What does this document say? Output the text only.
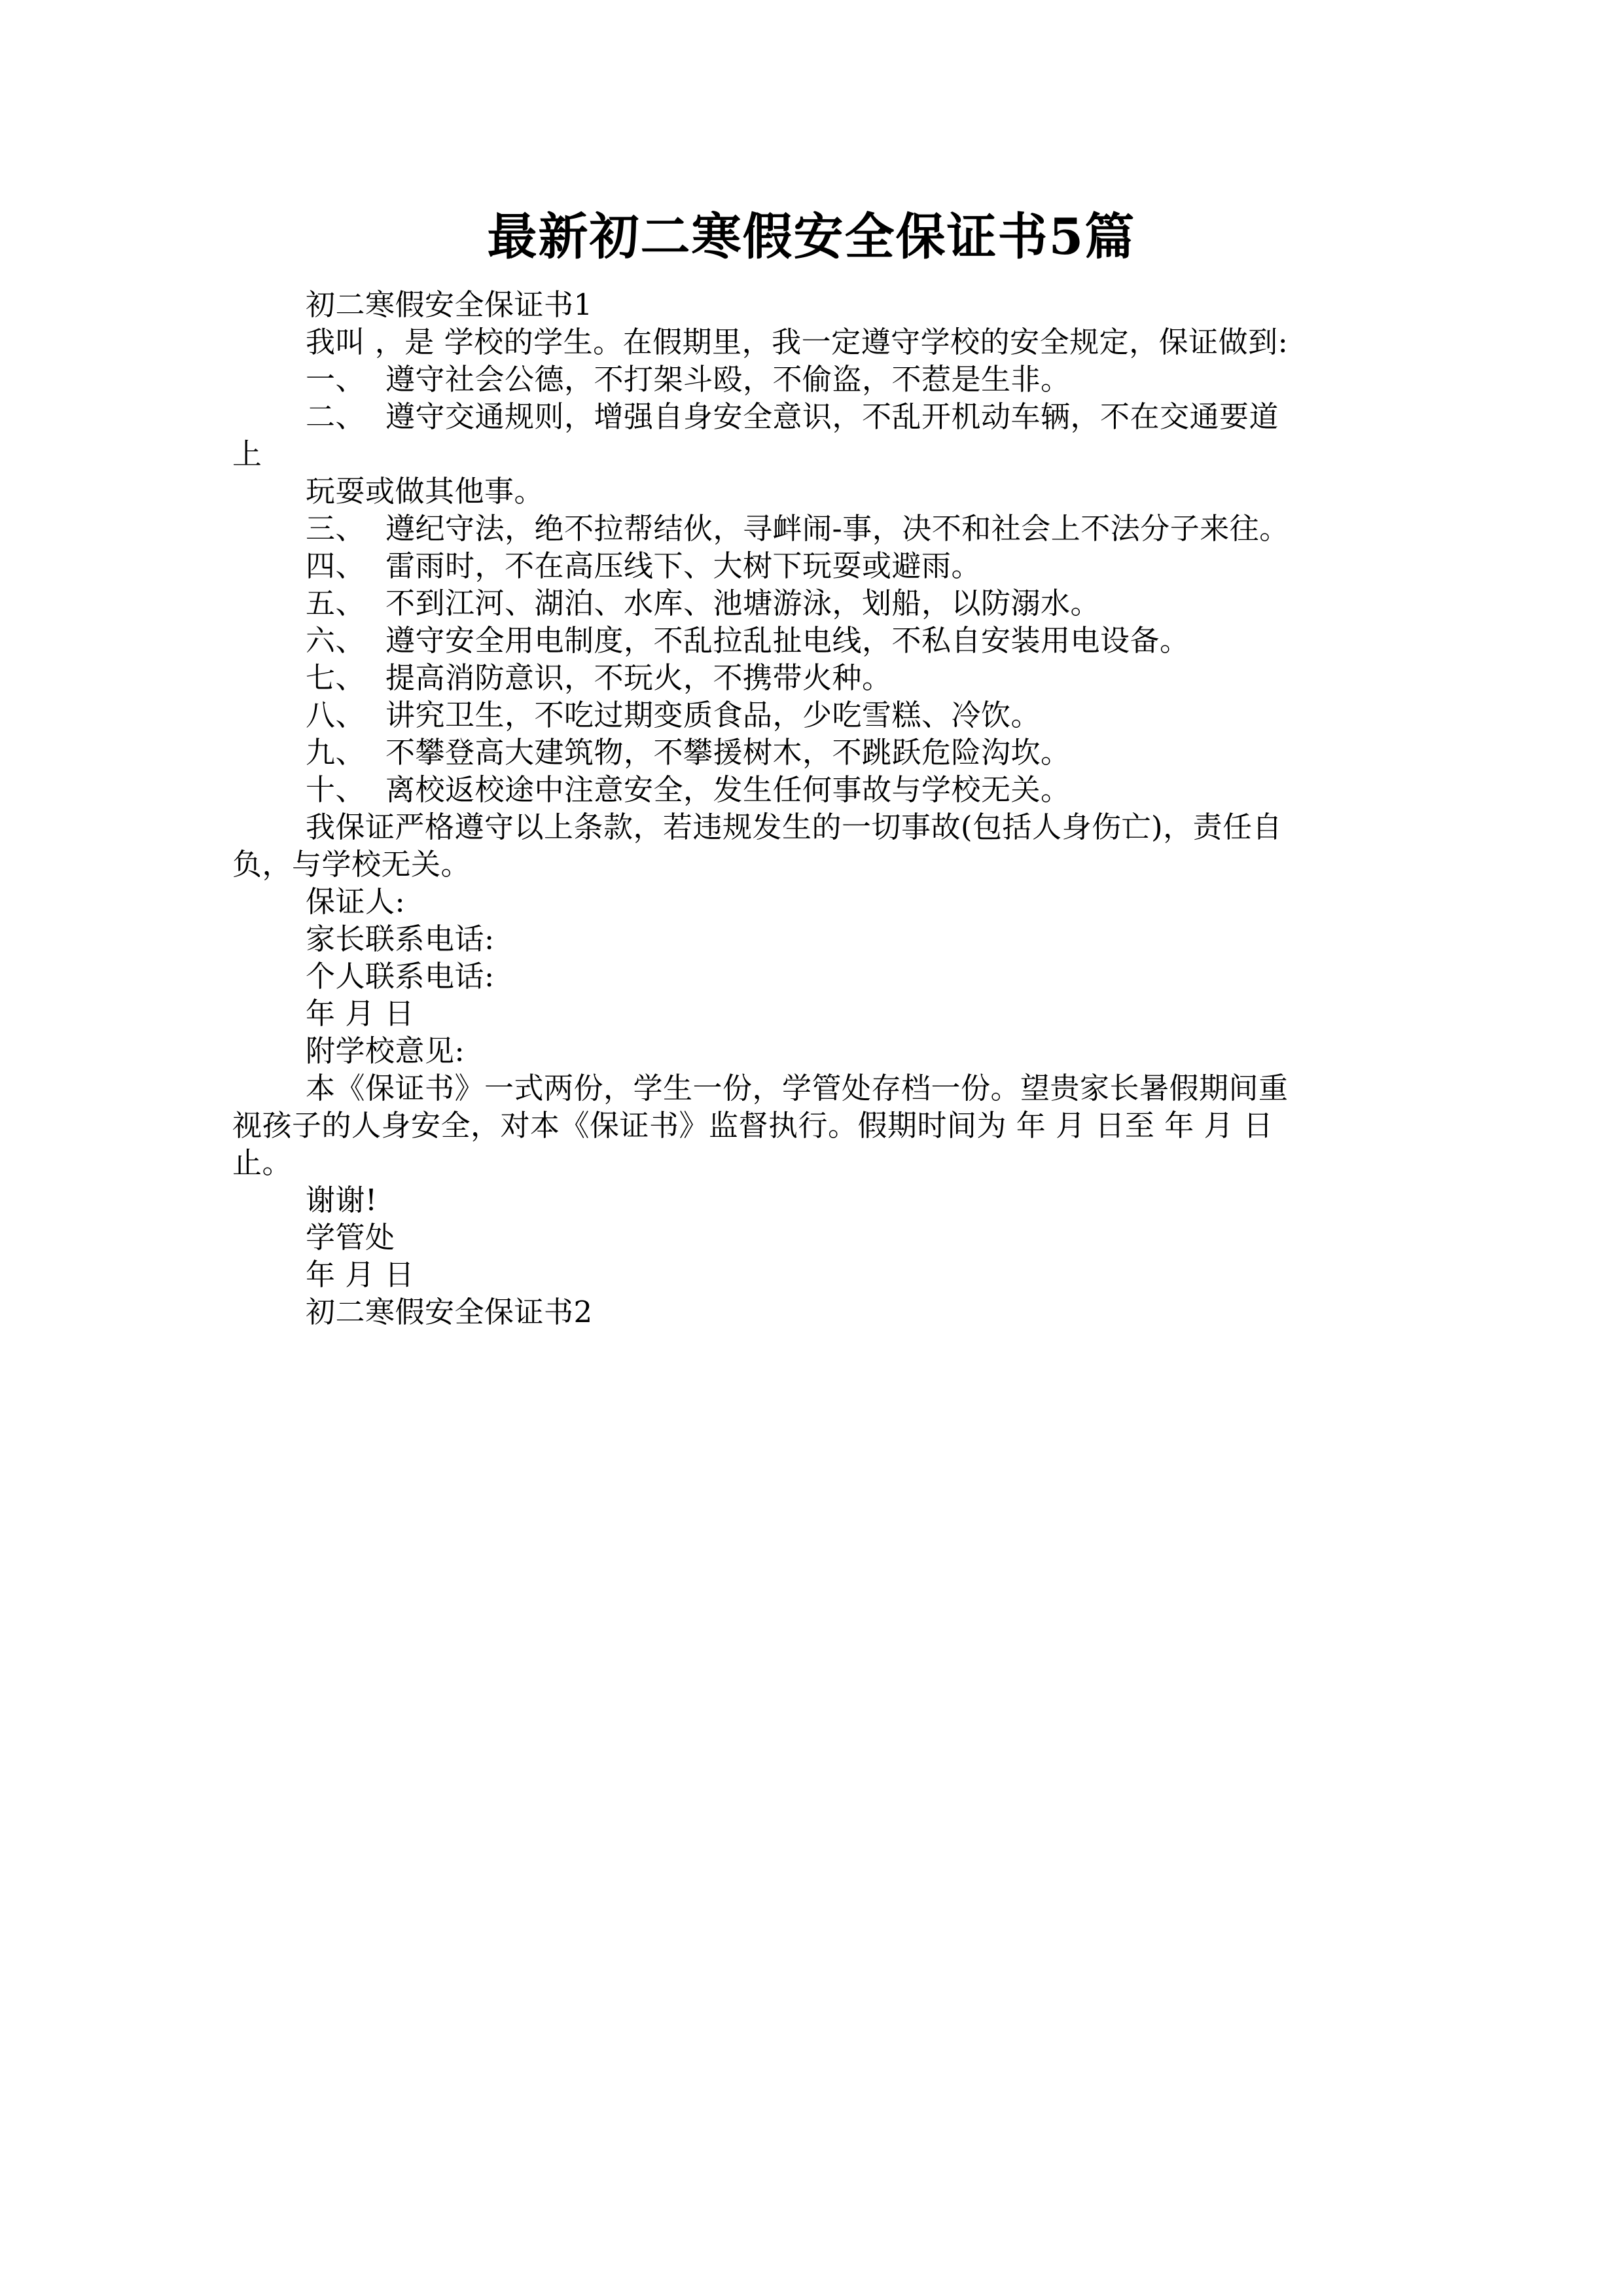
最新初二寒假安全保证书5篇
初二寒假安全保证书1
我叫 ，是 学校的学生。在假期里，我一定遵守学校的安全规定，保证做到:
一、 遵守社会公德，不打架斗殴，不偷盗，不惹是生非。
二、 遵守交通规则，增强自身安全意识，不乱开机动车辆，不在交通要道
上
玩耍或做其他事。
三、 遵纪守法，绝不拉帮结伙，寻衅闹-事，决不和社会上不法分子来往。
四、 雷雨时，不在高压线下、大树下玩耍或避雨。
五、 不到江河、湖泊、水库、池塘游泳，划船，以防溺水。
六、 遵守安全用电制度，不乱拉乱扯电线，不私自安装用电设备。
七、 提高消防意识，不玩火，不携带火种。
八、 讲究卫生，不吃过期变质食品，少吃雪糕、冷饮。
九、 不攀登高大建筑物，不攀援树木，不跳跃危险沟坎。
十、 离校返校途中注意安全，发生任何事故与学校无关。
我保证严格遵守以上条款，若违规发生的一切事故(包括人身伤亡)，责任自
负，与学校无关。
保证人:
家长联系电话:
个人联系电话:
年 月 日
附学校意见:
本《保证书》一式两份，学生一份，学管处存档一份。望贵家长暑假期间重
视孩子的人身安全，对本《保证书》监督执行。假期时间为 年 月 日至 年 月 日
止。
谢谢!
学管处
年 月 日
初二寒假安全保证书2
